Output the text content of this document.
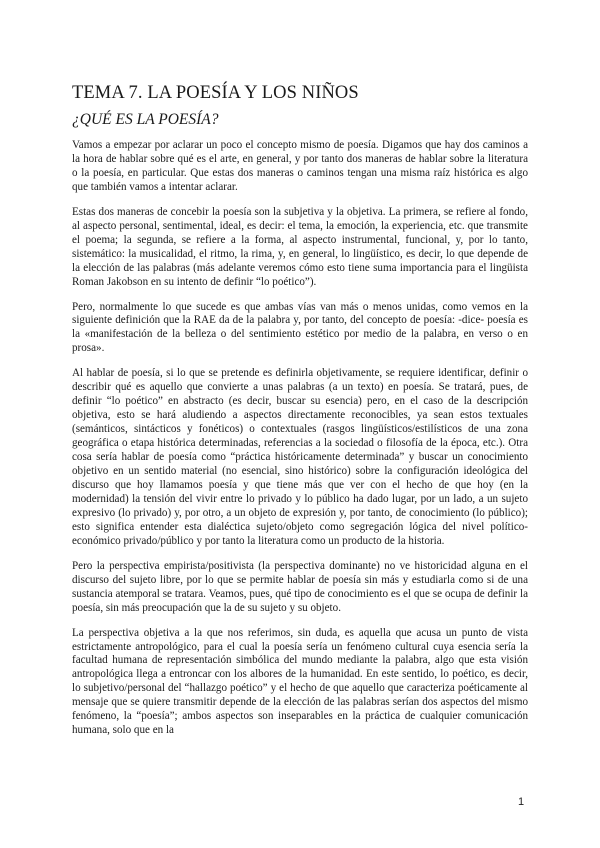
TEMA 7. LA POESÍA Y LOS NIÑOS
¿QUÉ ES LA POESÍA?

Vamos a empezar por aclarar un poco el concepto mismo de poesía. Digamos que hay dos caminos a la hora de hablar sobre qué es el arte, en general, y por tanto dos maneras de hablar sobre la literatura o la poesía, en particular. Que estas dos maneras o caminos tengan una misma raíz histórica es algo que también vamos a intentar aclarar.

Estas dos maneras de concebir la poesía son la subjetiva y la objetiva. La primera, se refiere al fondo, al aspecto personal, sentimental, ideal, es decir: el tema, la emoción, la experiencia, etc. que transmite el poema; la segunda, se refiere a la forma, al aspecto instrumental, funcional, y, por lo tanto, sistemático: la musicalidad, el ritmo, la rima, y, en general, lo lingüístico, es decir, lo que depende de la elección de las palabras (más adelante veremos cómo esto tiene suma importancia para el lingüista Roman Jakobson en su intento de definir “lo poético”).

Pero, normalmente lo que sucede es que ambas vías van más o menos unidas, como vemos en la siguiente definición que la RAE da de la palabra y, por tanto, del concepto de poesía: -dice- poesía es la «manifestación de la belleza o del sentimiento estético por medio de la palabra, en verso o en prosa».

Al hablar de poesía, si lo que se pretende es definirla objetivamente, se requiere identificar, definir o describir qué es aquello que convierte a unas palabras (a un texto) en poesía. Se tratará, pues, de definir “lo poético” en abstracto (es decir, buscar su esencia) pero, en el caso de la descripción objetiva, esto se hará aludiendo a aspectos directamente reconocibles, ya sean estos textuales (semánticos, sintácticos y fonéticos) o contextuales (rasgos lingüísticos/estilísticos de una zona geográfica o etapa histórica determinadas, referencias a la sociedad o filosofía de la época, etc.). Otra cosa sería hablar de poesía como “práctica históricamente determinada” y buscar un conocimiento objetivo en un sentido material (no esencial, sino histórico) sobre la configuración ideológica del discurso que hoy llamamos poesía y que tiene más que ver con el hecho de que hoy (en la modernidad) la tensión del vivir entre lo privado y lo público ha dado lugar, por un lado, a un sujeto expresivo (lo privado) y, por otro, a un objeto de expresión y, por tanto, de conocimiento (lo público); esto significa entender esta dialéctica sujeto/objeto como segregación lógica del nivel político-económico privado/público y por tanto la literatura como un producto de la historia.

Pero la perspectiva empirista/positivista (la perspectiva dominante) no ve historicidad alguna en el discurso del sujeto libre, por lo que se permite hablar de poesía sin más y estudiarla como si de una sustancia atemporal se tratara. Veamos, pues, qué tipo de conocimiento es el que se ocupa de definir la poesía, sin más preocupación que la de su sujeto y su objeto.

La perspectiva objetiva a la que nos referimos, sin duda, es aquella que acusa un punto de vista estrictamente antropológico, para el cual la poesía sería un fenómeno cultural cuya esencia sería la facultad humana de representación simbólica del mundo mediante la palabra, algo que esta visión antropológica llega a entroncar con los albores de la humanidad. En este sentido, lo poético, es decir, lo subjetivo/personal del “hallazgo poético” y el hecho de que aquello que caracteriza poéticamente al mensaje que se quiere transmitir depende de la elección de las palabras serían dos aspectos del mismo fenómeno, la “poesía”; ambos aspectos son inseparables en la práctica de cualquier comunicación humana, solo que en la

1
